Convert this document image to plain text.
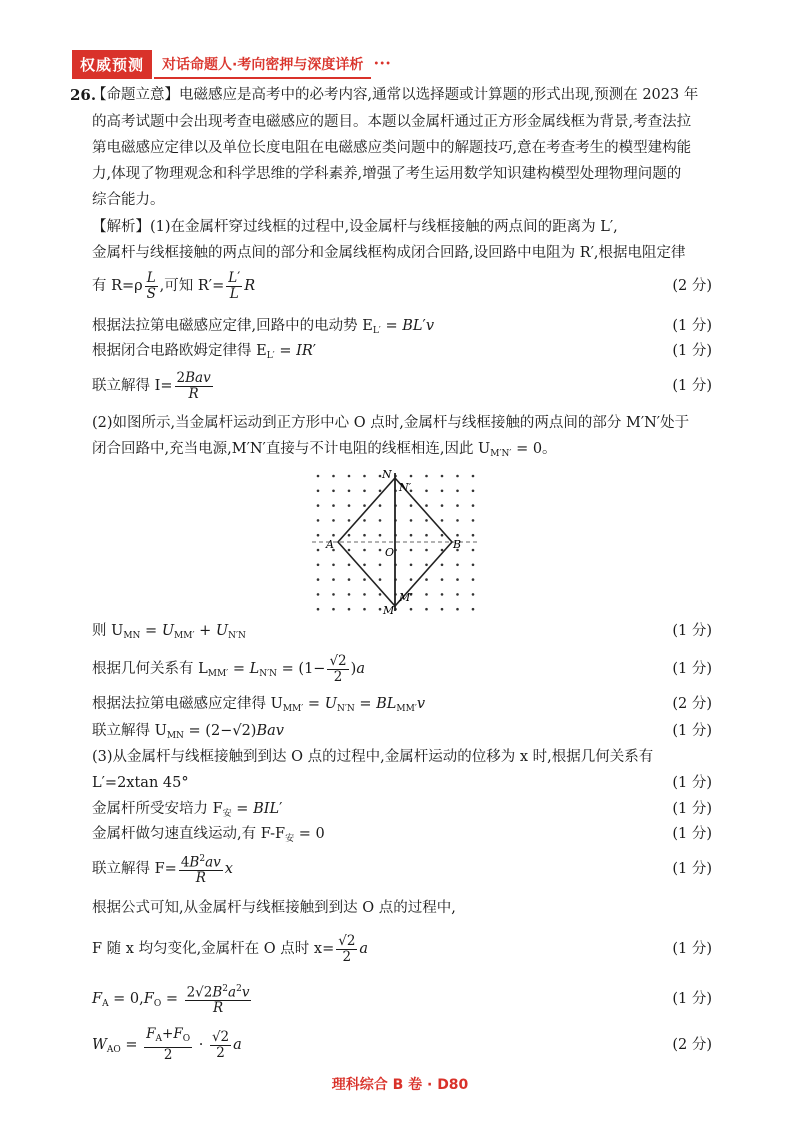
权威预测	对话命题人·考向密押与深度详析	•••
26.
【命题立意】电磁感应是高考中的必考内容,通常以选择题或计算题的形式出现,预测在 2023 年
的高考试题中会出现考查电磁感应的题目。本题以金属杆通过正方形金属线框为背景,考查法拉
第电磁感应定律以及单位长度电阻在电磁感应类问题中的解题技巧,意在考查考生的模型建构能
力,体现了物理观念和科学思维的学科素养,增强了考生运用数学知识建构模型处理物理问题的
综合能力。
【解析】(1)在金属杆穿过线框的过程中,设金属杆与线框接触的两点间的距离为 L′,
金属杆与线框接触的两点间的部分和金属线框构成闭合回路,设回路中电阻为 R′,根据电阻定律
有 $R=\rho \frac{L}{S}$ ,可知 $R'= \frac{L'}{L}$ R	(2 分)
根据法拉第电磁感应定律,回路中的电动势 $E_{L'} = BL'v$	(1 分)
根据闭合电路欧姆定律得 $E_{L'} = IR'$	(1 分)
联立解得 $I= \frac{\text{2Bav}}{R}$	(1 分)
(2)如图所示,当金属杆运动到正方形中心 O 点时,金属杆与线框接触的两点间的部分 M′N′处于
闭合回路中,充当电源,M′N′直接与不计电阻的线框相连,因此 $U_{M'N'} = 0$。
N
N′
A
O
B
M
M′
则 $U_{MN} = U_{MM'} + U_{N'N}$	(1 分)
根据几何关系有 $L_{MM'} = L_{N'N} = (1- \frac{√2}{2} )a$	(1 分)
根据法拉第电磁感应定律得 $U_{MM'} = U_{N'N} = BL_{MM'}v$	(2 分)
联立解得 $U_{MN} = (2-√2)Bav$	(1 分)
(3)从金属杆与线框接触到到达 O 点的过程中,金属杆运动的位移为 x 时,根据几何关系有
L′=2xtan 45°	(1 分)
金属杆所受安培力 $F_安 = BIL'$	(1 分)
金属杆做匀速直线运动,有 $F-F_安 = 0$	(1 分)
联立解得 $F= \frac{4B^2av}{R}$ x	(1 分)
根据公式可知,从金属杆与线框接触到到达 O 点的过程中,
F 随 x 均匀变化,金属杆在 O 点时 $x= \frac{√2}{2}$ a	(1 分)
$F_A = 0,F_O = \frac{2√2B^2a^2v}{R}$	(1 分)
$W_{AO} = \frac{F_A+F_O}{2} \cdot \frac{√2}{2}$ a	(2 分)
理科综合 B 卷 · D80
